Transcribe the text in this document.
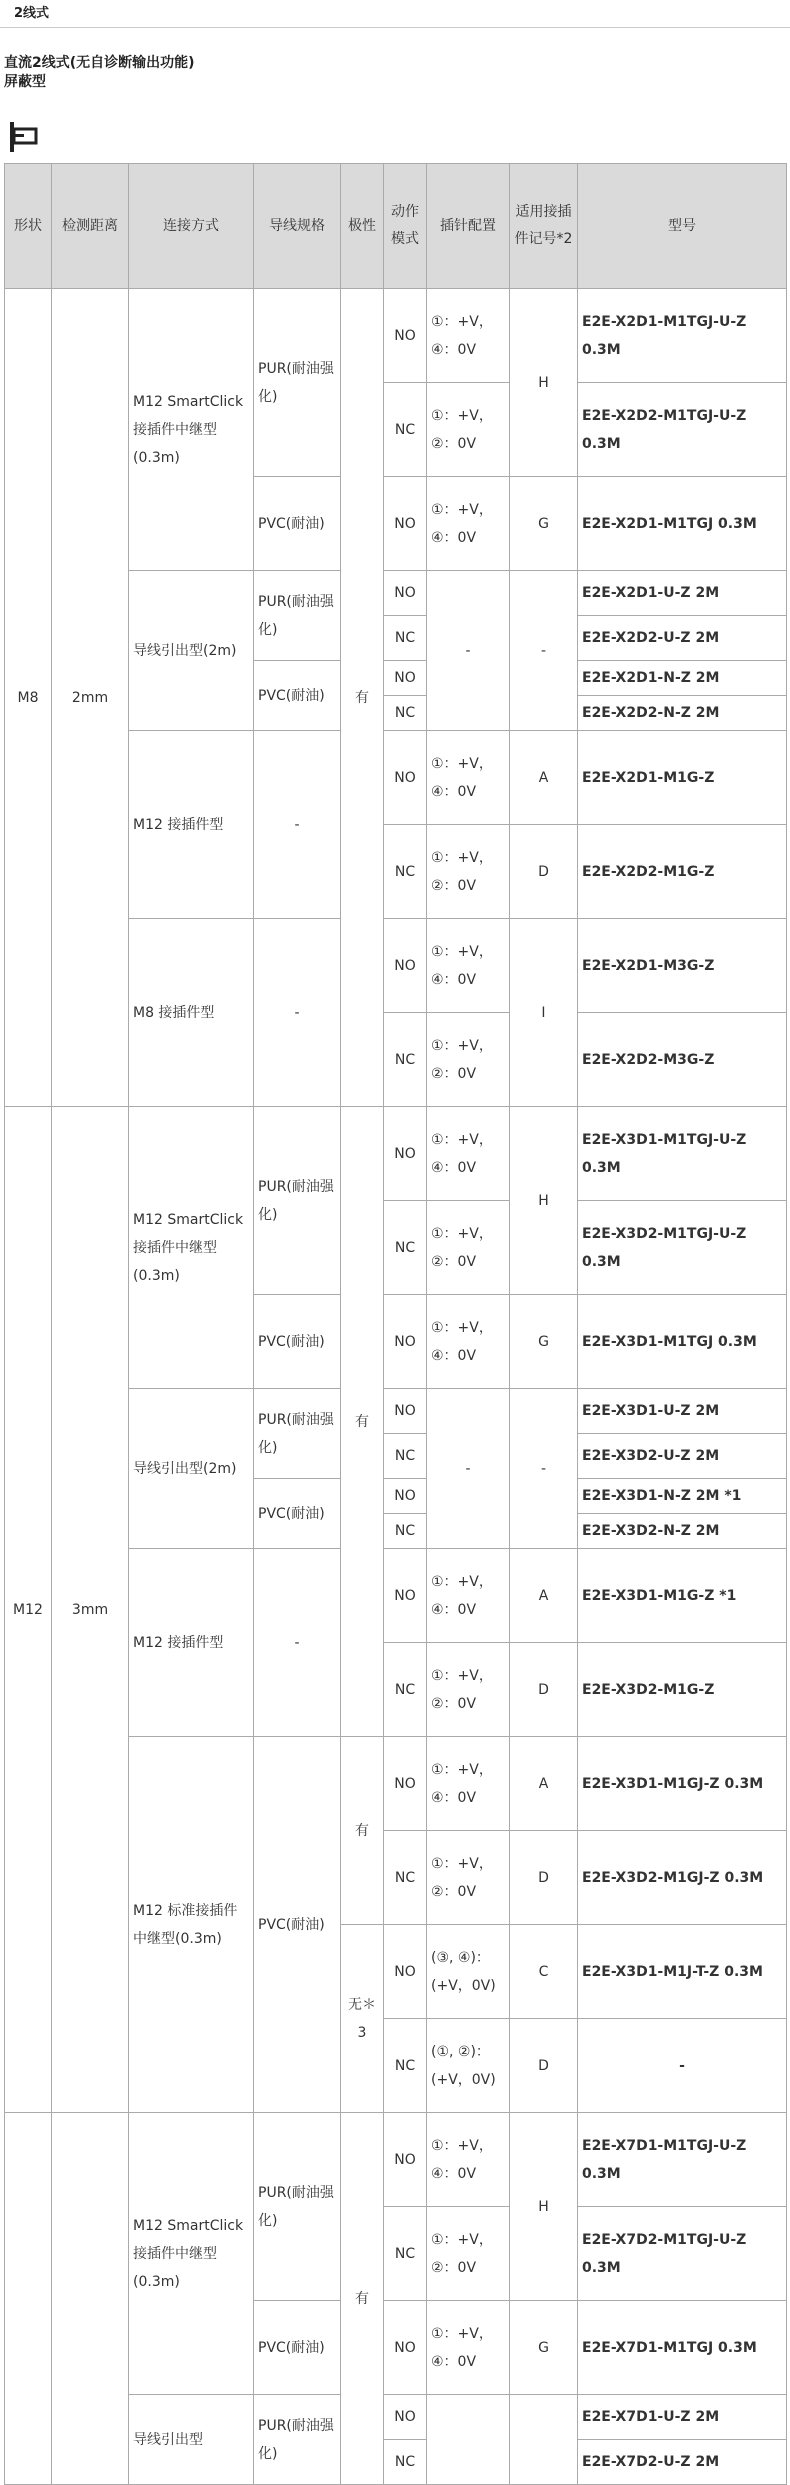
2线式
直流2线式(无自诊断输出功能)
屏蔽型
形状	检测距离	连接方式	导线规格	极性	动作模式	插针配置	适用接插件记号*2	型号
M8	2mm	M12 SmartClick接插件中继型(0.3m)	PUR(耐油强化)	有	NO	①：+V，④：0V	H	E2E-X2D1-M1TGJ-U-Z 0.3M
					NC	①：+V，②：0V		E2E-X2D2-M1TGJ-U-Z 0.3M
			PVC(耐油)		NO	①：+V，④：0V	G	E2E-X2D1-M1TGJ 0.3M
		导线引出型(2m)	PUR(耐油强化)		NO	-	-	E2E-X2D1-U-Z 2M
					NC			E2E-X2D2-U-Z 2M
			PVC(耐油)		NO			E2E-X2D1-N-Z 2M
					NC			E2E-X2D2-N-Z 2M
		M12 接插件型	-		NO	①：+V，④：0V	A	E2E-X2D1-M1G-Z
					NC	①：+V，②：0V	D	E2E-X2D2-M1G-Z
		M8 接插件型	-		NO	①：+V，④：0V	I	E2E-X2D1-M3G-Z
					NC	①：+V，②：0V		E2E-X2D2-M3G-Z
M12	3mm	M12 SmartClick接插件中继型(0.3m)	PUR(耐油强化)	有	NO	①：+V，④：0V	H	E2E-X3D1-M1TGJ-U-Z 0.3M
					NC	①：+V，②：0V		E2E-X3D2-M1TGJ-U-Z 0.3M
			PVC(耐油)		NO	①：+V，④：0V	G	E2E-X3D1-M1TGJ 0.3M
		导线引出型(2m)	PUR(耐油强化)		NO	-	-	E2E-X3D1-U-Z 2M
					NC			E2E-X3D2-U-Z 2M
			PVC(耐油)		NO			E2E-X3D1-N-Z 2M *1
					NC			E2E-X3D2-N-Z 2M
		M12 接插件型	-		NO	①：+V，④：0V	A	E2E-X3D1-M1G-Z *1
					NC	①：+V，②：0V	D	E2E-X3D2-M1G-Z
		M12 标准接插件中继型(0.3m)	PVC(耐油)	有	NO	①：+V，④：0V	A	E2E-X3D1-M1GJ-Z 0.3M
					NC	①：+V，②：0V	D	E2E-X3D2-M1GJ-Z 0.3M
				无＊3	NO	(③, ④)：(+V，0V)	C	E2E-X3D1-M1J-T-Z 0.3M
					NC	(①, ②)：(+V，0V)	D	-
		M12 SmartClick接插件中继型(0.3m)	PUR(耐油强化)	有	NO	①：+V，④：0V	H	E2E-X7D1-M1TGJ-U-Z 0.3M
					NC	①：+V，②：0V		E2E-X7D2-M1TGJ-U-Z 0.3M
			PVC(耐油)		NO	①：+V，④：0V	G	E2E-X7D1-M1TGJ 0.3M
		导线引出型	PUR(耐油强化)		NO			E2E-X7D1-U-Z 2M
					NC			E2E-X7D2-U-Z 2M
